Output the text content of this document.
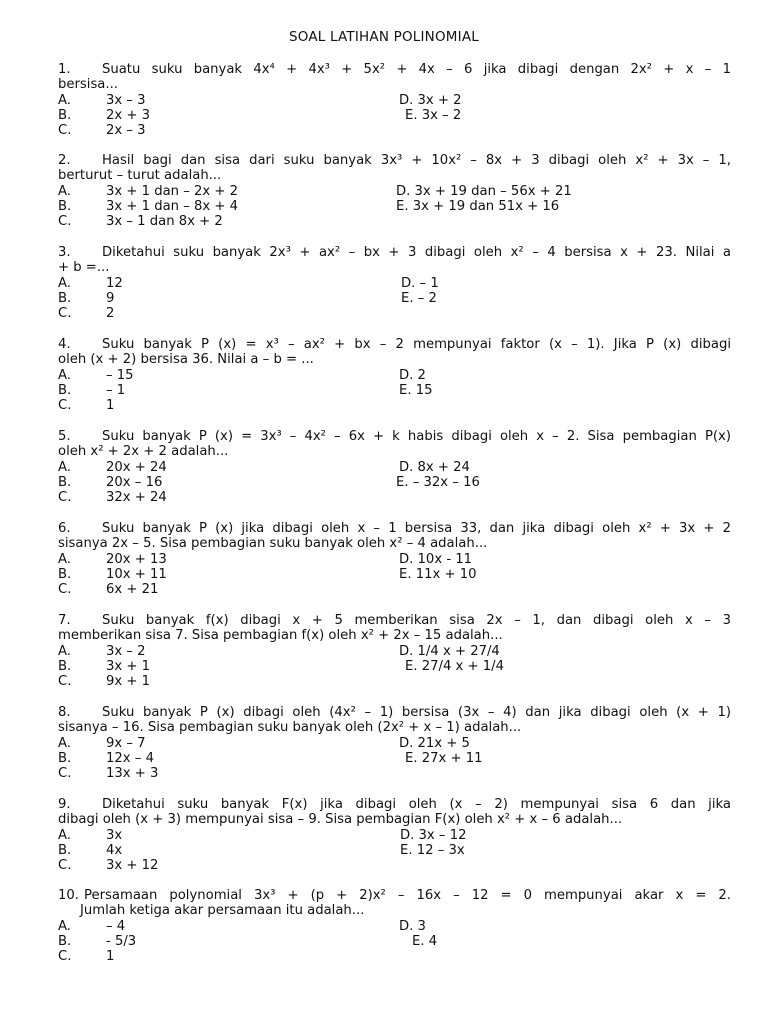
SOAL LATIHAN POLINOMIAL
1.	Suatu suku banyak 4x⁴ + 4x³ + 5x² + 4x – 6 jika dibagi dengan 2x² + x – 1
bersisa...
A.	3x – 3	D. 3x + 2
B.	2x + 3	E. 3x – 2
C.	2x – 3
2.	Hasil bagi dan sisa dari suku banyak 3x³ + 10x² – 8x + 3 dibagi oleh x² + 3x – 1,
berturut – turut adalah...
A.	3x + 1 dan – 2x + 2	D. 3x + 19 dan – 56x + 21
B.	3x + 1 dan – 8x + 4	E. 3x + 19 dan 51x + 16
C.	3x – 1 dan 8x + 2
3.	Diketahui suku banyak 2x³ + ax² – bx + 3 dibagi oleh x² – 4 bersisa x + 23. Nilai a
+ b =...
A.	12	D. – 1
B.	9	E. – 2
C.	2
4.	Suku banyak P (x) = x³ – ax² + bx – 2 mempunyai faktor (x – 1). Jika P (x) dibagi
oleh (x + 2) bersisa 36. Nilai a – b = ...
A.	– 15	D. 2
B.	– 1	E. 15
C.	1
5.	Suku banyak P (x) = 3x³ – 4x² – 6x + k habis dibagi oleh x – 2. Sisa pembagian P(x)
oleh x² + 2x + 2 adalah...
A.	20x + 24	D. 8x + 24
B.	20x – 16	E. – 32x – 16
C.	32x + 24
6.	Suku banyak P (x) jika dibagi oleh x – 1 bersisa 33, dan jika dibagi oleh x² + 3x + 2
sisanya 2x – 5. Sisa pembagian suku banyak oleh x² – 4 adalah...
A.	20x + 13	D. 10x - 11
B.	10x + 11	E. 11x + 10
C.	6x + 21
7.	Suku banyak f(x) dibagi x + 5 memberikan sisa 2x – 1, dan dibagi oleh x – 3
memberikan sisa 7. Sisa pembagian f(x) oleh x² + 2x – 15 adalah...
A.	3x – 2	D. 1/4 x + 27/4
B.	3x + 1	E. 27/4 x + 1/4
C.	9x + 1
8.	Suku banyak P (x) dibagi oleh (4x² – 1) bersisa (3x – 4) dan jika dibagi oleh (x + 1)
sisanya – 16. Sisa pembagian suku banyak oleh (2x² + x – 1) adalah...
A.	9x – 7	D. 21x + 5
B.	12x – 4	E. 27x + 11
C.	13x + 3
9.	Diketahui suku banyak F(x) jika dibagi oleh (x – 2) mempunyai sisa 6 dan jika
dibagi oleh (x + 3) mempunyai sisa – 9. Sisa pembagian F(x) oleh x² + x – 6 adalah...
A.	3x	D. 3x – 12
B.	4x	E. 12 – 3x
C.	3x + 12
10. Persamaan polynomial 3x³ + (p + 2)x² – 16x – 12 = 0 mempunyai akar x = 2.
Jumlah ketiga akar persamaan itu adalah...
A.	– 4	D. 3
B.	- 5/3	E. 4
C.	1
